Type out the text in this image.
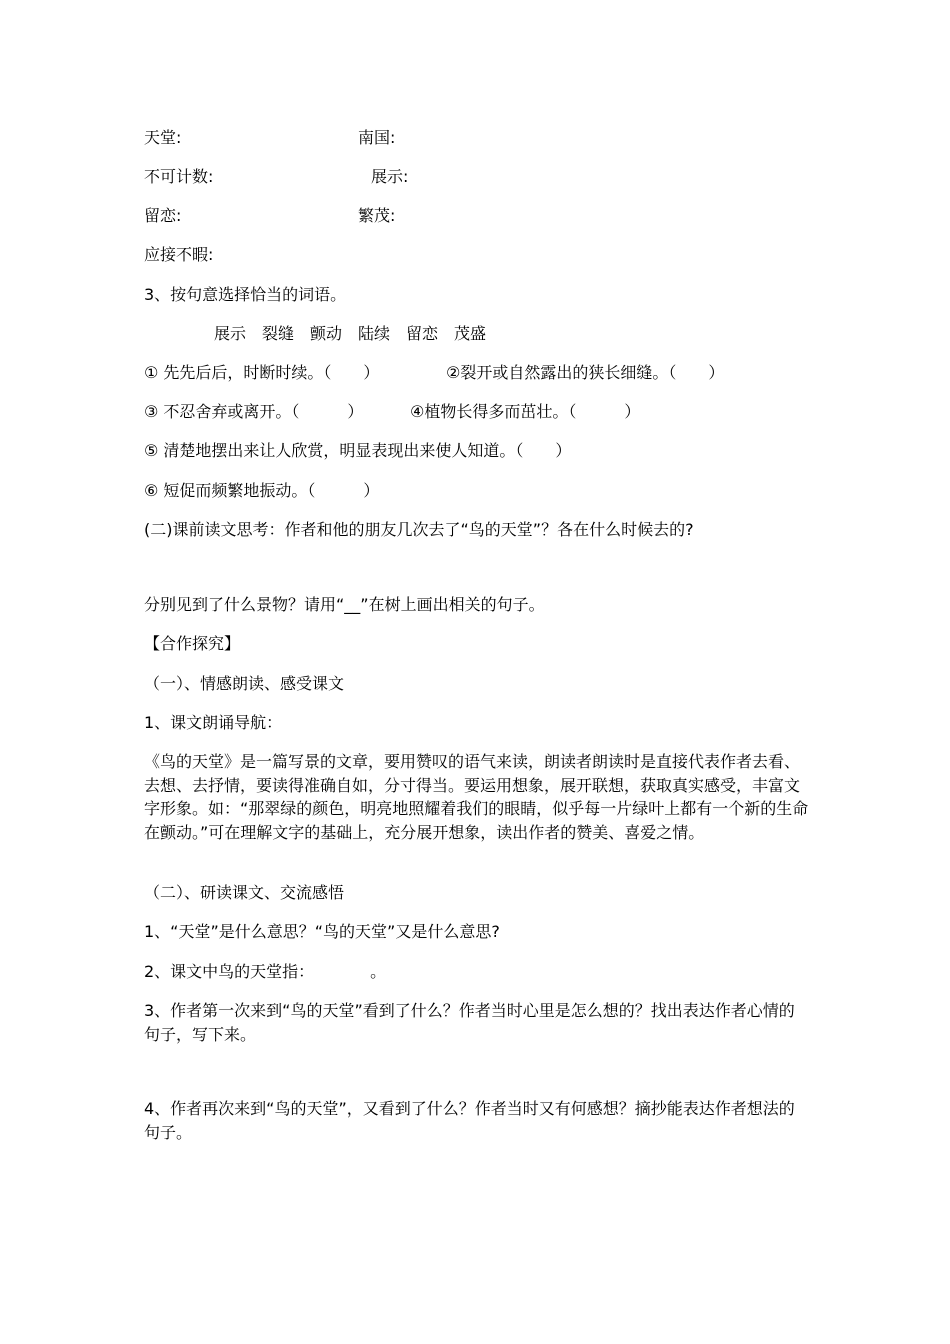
天堂:	南国:
不可计数:	展示:
留恋:	繁茂:
应接不暇:
3、按句意选择恰当的词语。
展示　裂缝　颤动　陆续　留恋　茂盛
① 先先后后，时断时续。（　　）	②裂开或自然露出的狭长细缝。（　　）
③ 不忍舍弃或离开。（　　　）	④植物长得多而茁壮。（　　　）
⑤ 清楚地摆出来让人欣赏，明显表现出来使人知道。（　　）
⑥ 短促而频繁地振动。（　　　）
(二)课前读文思考：作者和他的朋友几次去了“鸟的天堂”？各在什么时候去的?
分别见到了什么景物？请用“__”在树上画出相关的句子。
【合作探究】
（一）、情感朗读、感受课文
1、课文朗诵导航：
《鸟的天堂》是一篇写景的文章，要用赞叹的语气来读，朗读者朗读时是直接代表作者去看、去想、去抒情，要读得准确自如，分寸得当。要运用想象，展开联想，获取真实感受，丰富文字形象。如：“那翠绿的颜色，明亮地照耀着我们的眼睛，似乎每一片绿叶上都有一个新的生命在颤动。”可在理解文字的基础上，充分展开想象，读出作者的赞美、喜爱之情。
（二）、研读课文、交流感悟
1、“天堂”是什么意思？“鸟的天堂”又是什么意思?
2、课文中鸟的天堂指：　　　　。
3、作者第一次来到“鸟的天堂”看到了什么？作者当时心里是怎么想的？找出表达作者心情的句子，写下来。
4、作者再次来到“鸟的天堂”，又看到了什么？作者当时又有何感想？摘抄能表达作者想法的句子。
